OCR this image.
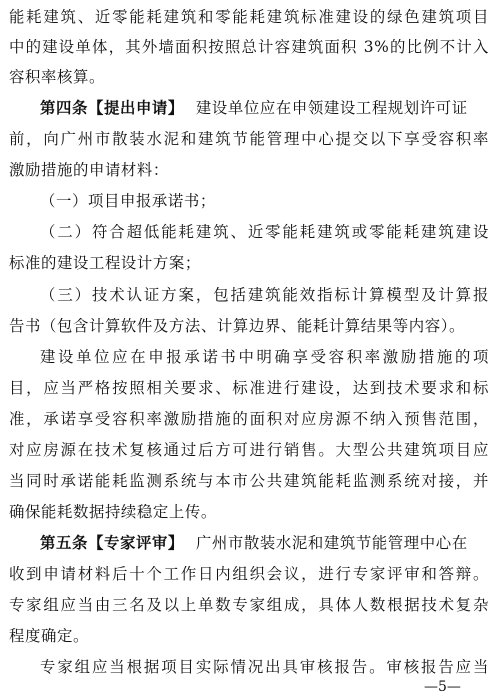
能耗建筑、近零能耗建筑和零能耗建筑标准建设的绿色建筑项目
中的建设单体，其外墙面积按照总计容建筑面积 3%的比例不计入
容积率核算。
第四条【提出申请】 建设单位应在申领建设工程规划许可证
前，向广州市散装水泥和建筑节能管理中心提交以下享受容积率
激励措施的申请材料：
（一）项目申报承诺书；
（二）符合超低能耗建筑、近零能耗建筑或零能耗建筑建设
标准的建设工程设计方案；
（三）技术认证方案，包括建筑能效指标计算模型及计算报
告书（包含计算软件及方法、计算边界、能耗计算结果等内容）。
建设单位应在申报承诺书中明确享受容积率激励措施的项
目，应当严格按照相关要求、标准进行建设，达到技术要求和标
准，承诺享受容积率激励措施的面积对应房源不纳入预售范围，
对应房源在技术复核通过后方可进行销售。大型公共建筑项目应
当同时承诺能耗监测系统与本市公共建筑能耗监测系统对接，并
确保能耗数据持续稳定上传。
第五条【专家评审】 广州市散装水泥和建筑节能管理中心在
收到申请材料后十个工作日内组织会议，进行专家评审和答辩。
专家组应当由三名及以上单数专家组成，具体人数根据技术复杂
程度确定。
专家组应当根据项目实际情况出具审核报告。审核报告应当
—5—
